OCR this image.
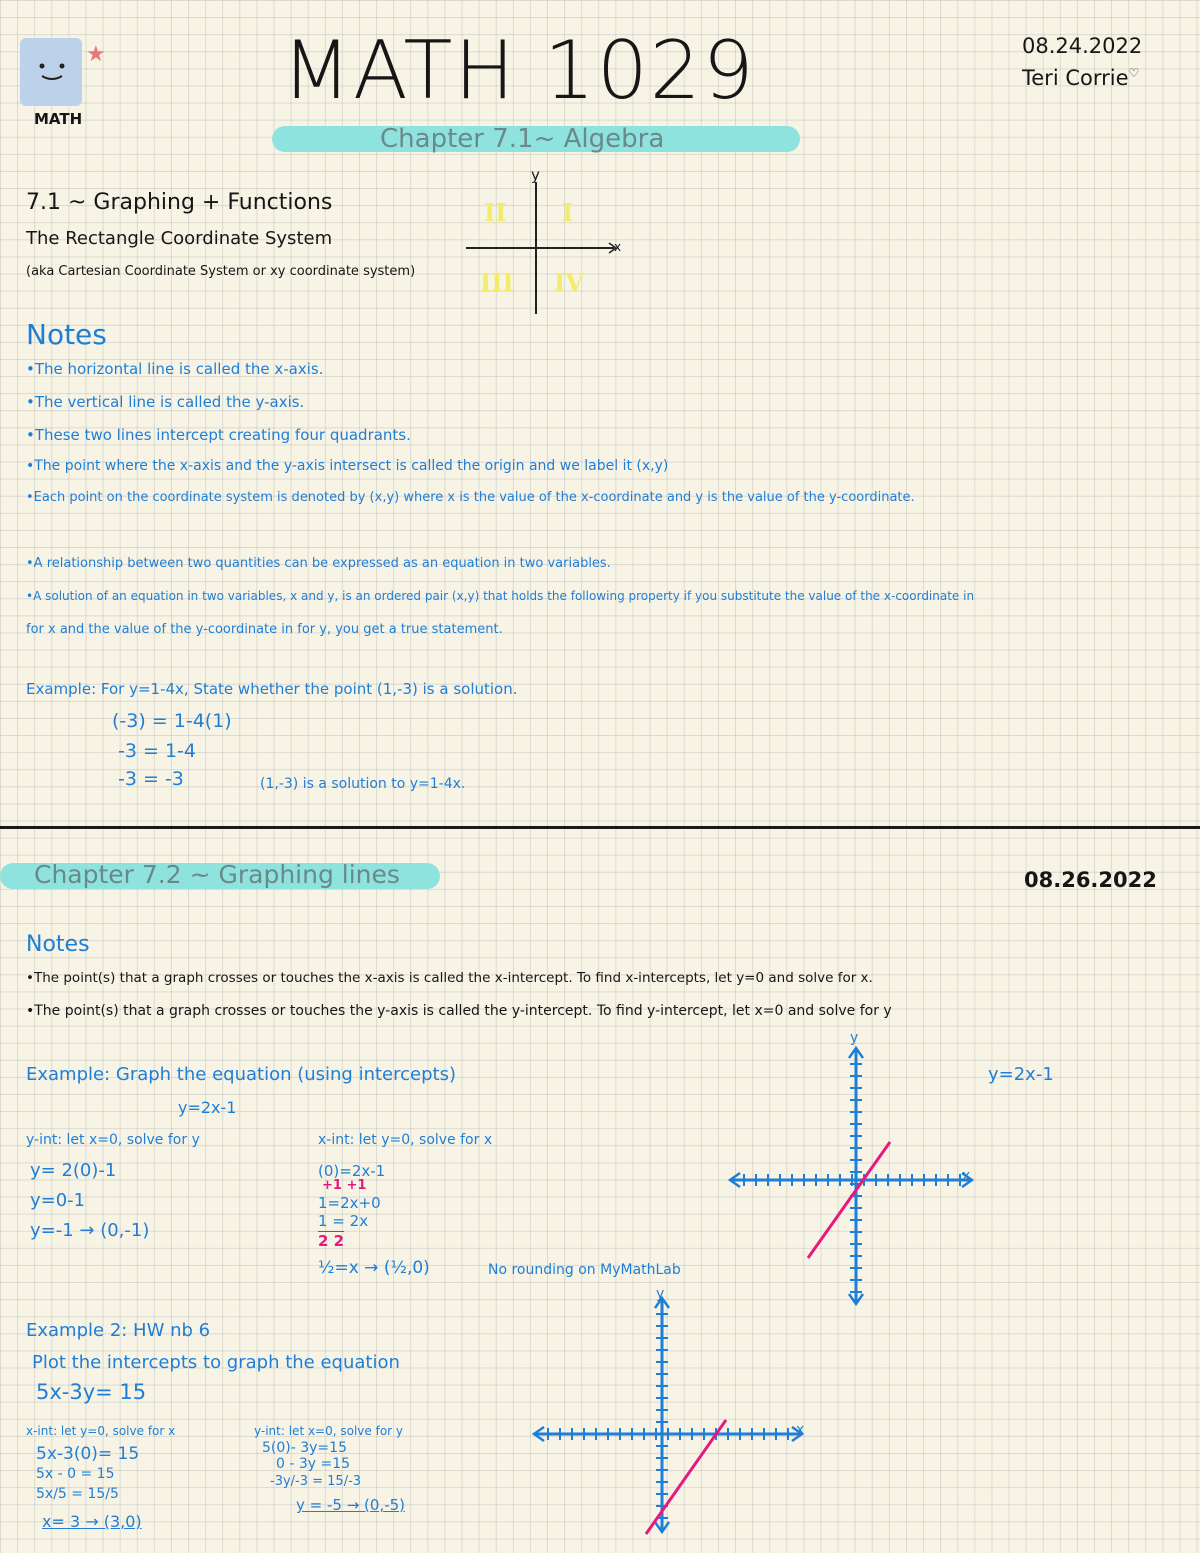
★
MATH
MATH 1029
Chapter 7.1~ Algebra
08.24.2022
Teri Corrie♡
7.1 ~ Graphing + Functions
The Rectangle Coordinate System
(aka Cartesian Coordinate System or xy coordinate system)
y
x
II I
III IV
Notes
•The horizontal line is called the x-axis.
•The vertical line is called the y-axis.
•These two lines intercept creating four quadrants.
•The point where the x-axis and the y-axis intersect is called the origin and we label it (x,y)
•Each point on the coordinate system is denoted by (x,y) where x is the value of the x-coordinate and y is the value of the y-coordinate.
•A relationship between two quantities can be expressed as an equation in two variables.
•A solution of an equation in two variables, x and y, is an ordered pair (x,y) that holds the following property if you substitute the value of the x-coordinate in
for x and the value of the y-coordinate in for y, you get a true statement.
Example: For y=1-4x, State whether the point (1,-3) is a solution.
(-3) = 1-4(1)
-3 = 1-4
-3 = -3	(1,-3) is a solution to y=1-4x.
Chapter 7.2 ~ Graphing lines	08.26.2022
Notes
•The point(s) that a graph crosses or touches the x-axis is called the x-intercept. To find x-intercepts, let y=0 and solve for x.
•The point(s) that a graph crosses or touches the y-axis is called the y-intercept. To find y-intercept, let x=0 and solve for y
Example: Graph the equation (using intercepts)
y=2x-1
y=2x-1
y-int: let x=0, solve for y
y= 2(0)-1
y=0-1
y=-1 → (0,-1)
x-int: let y=0, solve for x
(0)=2x-1
+1 +1
1=2x+0
1 = 2x
2 2
½=x → (½,0)	No rounding on MyMathLab
x
y
Example 2: HW nb 6
Plot the intercepts to graph the equation
5x-3y= 15
x-int: let y=0, solve for x
5x-3(0)= 15
5x - 0 = 15
5x/5 = 15/5
x= 3 → (3,0)
y-int: let x=0, solve for y
5(0)- 3y=15
0 - 3y =15
-3y/-3 = 15/-3
y = -5 → (0,-5)
x
y
